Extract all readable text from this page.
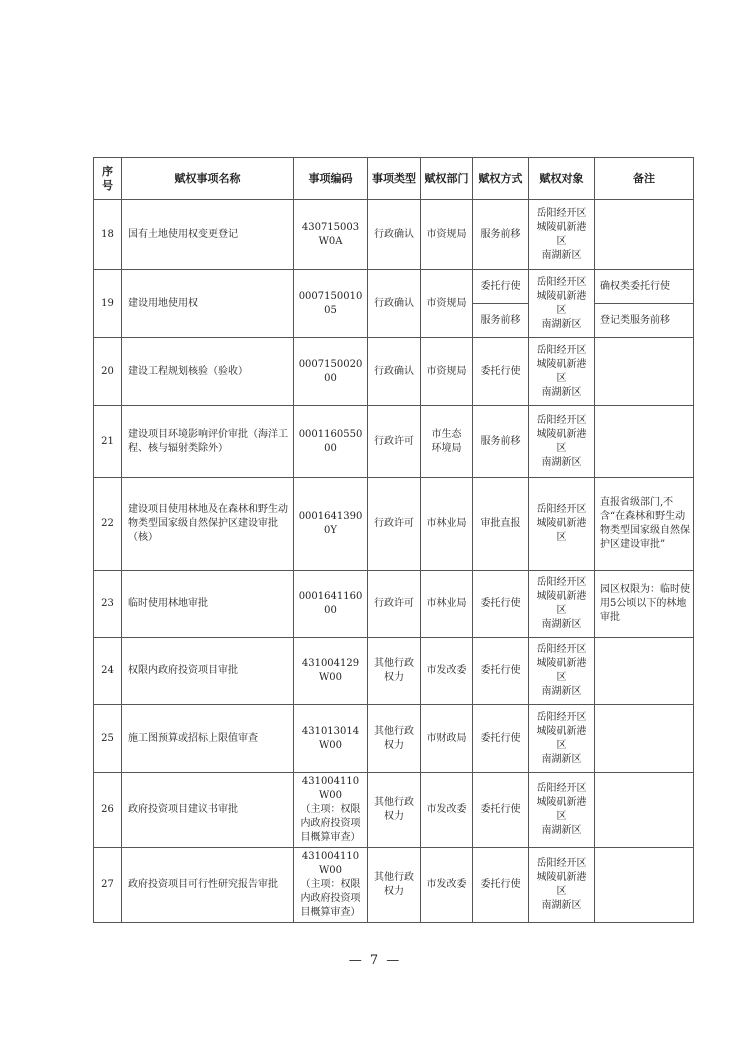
序号	赋权事项名称	事项编码	事项类型	赋权部门	赋权方式	赋权对象	备注
18	国有土地使用权变更登记	430715003W0A	行政确认	市资规局	服务前移	岳阳经开区
城陵矶新港区
南湖新区	
19	建设用地使用权	000715001005	行政确认	市资规局	委托行使	岳阳经开区
城陵矶新港区
南湖新区	确权类委托行使
					服务前移		登记类服务前移
20	建设工程规划核验（验收）	000715002000	行政确认	市资规局	委托行使	岳阳经开区
城陵矶新港区
南湖新区	
21	建设项目环境影响评价审批（海洋工程、核与辐射类除外）	000116055000	行政许可	市生态
环境局	服务前移	岳阳经开区
城陵矶新港区
南湖新区	
22	建设项目使用林地及在森林和野生动物类型国家级自然保护区建设审批（核）	000164139​00Y	行政许可	市林业局	审批直报	岳阳经开区
城陵矶新港区	直报省级部门,不含“在森林和野生动物类型国家级自然保护区建设审批”
23	临时使用林地审批	000164116000	行政许可	市林业局	委托行使	岳阳经开区
城陵矶新港区
南湖新区	园区权限为：临时使用5公顷以下的林地审批
24	权限内政府投资项目审批	431004129W00	其他行政
权力	市发改委	委托行使	岳阳经开区
城陵矶新港区
南湖新区	
25	施工图预算或招标上限值审查	431013014W00	其他行政
权力	市财政局	委托行使	岳阳经开区
城陵矶新港区
南湖新区	
26	政府投资项目建议书审批	431004110W00
（主项：权限内政府投资项目概算审查）	其他行政
权力	市发改委	委托行使	岳阳经开区
城陵矶新港区
南湖新区	
27	政府投资项目可行性研究报告审批	431004110W00
（主项：权限内政府投资项目概算审查）	其他行政
权力	市发改委	委托行使	岳阳经开区
城陵矶新港区
南湖新区	
— 7 —
